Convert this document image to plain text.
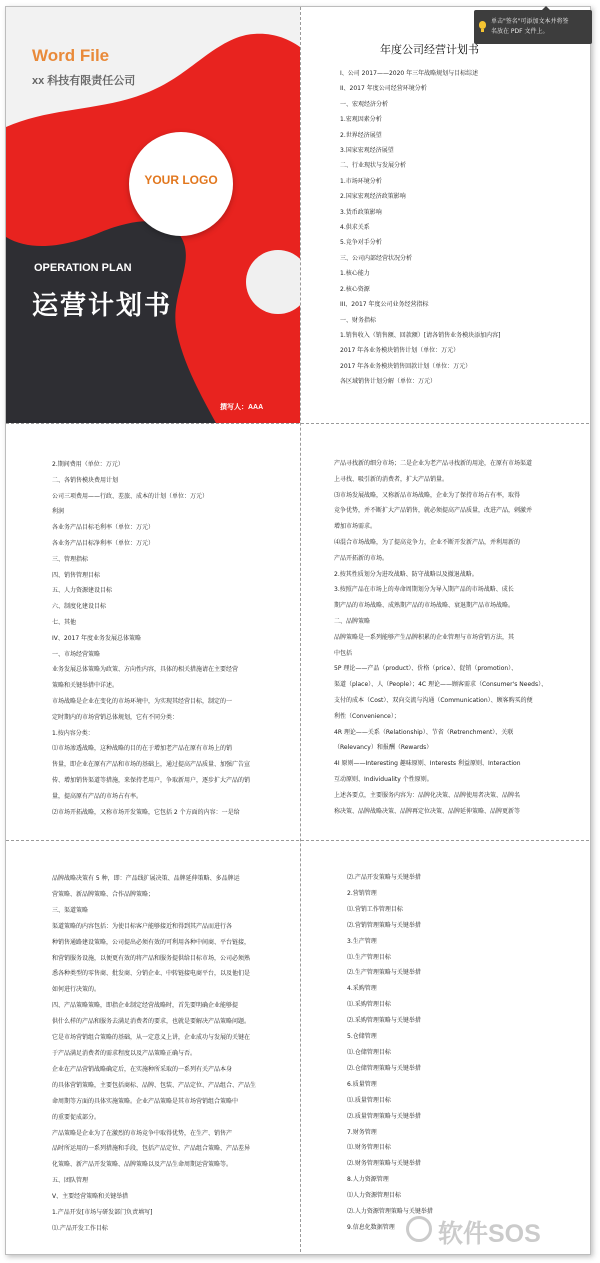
Word File
xx 科技有限责任公司
YOUR LOGO
OPERATION PLAN
运营计划书
撰写人：AAA
单击"签名"可添加文本并将签
名放在 PDF 文件上。
年度公司经营计划书
I、公司 2017——2020 年三年战略规划与目标综述
II、2017 年度公司经营环境分析
一、宏观经济分析
1.宏观因素分析
2.世界经济展望
3.国家宏观经济展望
二、行业现状与发展分析
1.市场环境分析
2.国家宏观经济政策影响
3.货币政策影响
4.供求关系
5.竞争对手分析
三、公司内部经营状况分析
1.核心能力
2.核心资源
III、2017 年度公司业务经营指标
一、财务指标
1.销售收入（销售额、回款额）[请各销售业务模块添加内容]
2017 年各业务模块销售计划（单位：万元）
2017 年各业务模块销售回款计划（单位：万元）
各区域销售计划分解（单位：万元）
2.期间费用（单位：万元）
二、各销售模块费用计划
公司三项费用——行政、差旅、成本的计划（单位：万元）
利润
各业务产品目标毛利率（单位：万元）
各业务产品目标净利率（单位：万元）
三、管理指标
四、销售管理目标
五、人力资源建设目标
六、制度化建设目标
七、其他
IV、2017 年度业务发展总体策略
一、市场经营策略
业务发展总体策略为政策、方向性内容，具体的相关措施请在主要经营
策略和关键举措中详述。
市场战略是企业在变化的市场环境中，为实现其经营目标，制定的一
定时期内的市场营销总体规划，它有不同分类：
1.按内容分类：
⑴市场渗透战略，这种战略的目的在于增加老产品在原有市场上的销
售量，即企业在原有产品和市场的基础上，通过提高产品质量、加强广告宣
传、增加销售渠道等措施，来保持老用户，争取新用户，逐步扩大产品的销
量，提高原有产品的市场占有率。
⑵市场开拓战略，又称市场开发策略，它包括 2 个方面的内容：一是给
产品寻找新的细分市场；二是企业为老产品寻找新的用途，在原有市场渠道
上寻找、吸引新的消费者，扩大产品销量。
⑶市场发展战略，又称新品市场战略，企业为了保持市场占有率，取得
竞争优势，并不断扩大产品销售，就必须提高产品质量，改进产品，刺激并
增加市场需求。
⑷混合市场战略，为了提高竞争力，企业不断开发新产品，并利用新的
产品开拓新的市场。
2.按其性质划分为进攻战略、防守战略以及撤退战略。
3.按照产品在市场上的寿命周期划分为导入期产品的市场战略、成长
期产品的市场战略、成熟期产品的市场战略、衰退期产品市场战略。
二、品牌策略
品牌策略是一系列能够产生品牌积累的企业管理与市场营销方法，其
中包括
5P 理论——产品（product）、价格（price）、促销（promotion）、
渠道（place）、人（People）；4C 理论——顾客需求（Consumer's Needs）、
支付的成本（Cost）、双向交流与沟通（Communication）、顾客购买的便
利性（Convenience）；
4R 理论——关系（Relationship）、节省（Retrenchment）、关联
（Relevancy）和报酬（Rewards）
4I 原则——Interesting 趣味原则、Interests 利益原则、Interaction
互动原则、Individuality 个性原则。
上述各要点，主要服务内容为：品牌化决策、品牌使用者决策、品牌名
称决策、品牌战略决策、品牌再定位决策、品牌延伸策略、品牌更新等
品牌战略决策有 5 种，即：产品线扩展决策、品牌延伸策略、多品牌运
营策略、新品牌策略、合作品牌策略；
三、渠道策略
渠道策略的内容包括：为使目标客户能够接近和得到其产品而进行各
种销售通路建设策略，公司提出必须有效的可利用各种中间商、平台链接，
和营销服务设施，以便更有效的将产品和服务提供给目标市场，公司必须熟
悉各种类型的零售商、批发商、分销企业、中转链接电商平台，以及他们是
如何进行决策的。
四、产品策略策略，即指企业制定经营战略时，首先要明确企业能够提
供什么样的产品和服务去满足消费者的要求，也就是要解决产品策略问题。
它是市场营销组合策略的基础，从一定意义上讲，企业成功与发展的关键在
于产品满足消费者的需求程度以及产品策略正确与否。
企业在产品营销战略确定后，在实施种所采取的一系列有关产品本身
的具体营销策略，主要包括商标、品牌、包装、产品定位、产品组合、产品生
命周期等方面的具体实施策略。企业产品策略是其市场营销组合策略中
的重要促成部分。
产品策略是企业为了在激烈的市场竞争中取得优势，在生产、销售产
品时所运用的一系列措施和手段，包括产品定位、产品组合策略、产品差异
化策略、新产品开发策略、品牌策略以及产品生命周期运营策略等。
五、团队管理
V、主要经营策略和关键举措
1.产品开发[市场与研发部门负责填写]
⑴.产品开发工作目标
⑵.产品开发策略与关键举措
2.营销管理
⑴.营销工作管理目标
⑵.营销管理策略与关键举措
3.生产管理
⑴.生产管理目标
⑵.生产管理策略与关键举措
4.采购管理
⑴.采购管理目标
⑵.采购管理策略与关键举措
5.仓储管理
⑴.仓储管理目标
⑵.仓储管理策略与关键举措
6.质量管理
⑴.质量管理目标
⑵.质量管理策略与关键举措
7.财务管理
⑴.财务管理目标
⑵.财务管理策略与关键举措
8.人力资源管理
⑴人力资源管理目标
⑵.人力资源管理策略与关键举措
9.信息化数据管理	软件SOS
